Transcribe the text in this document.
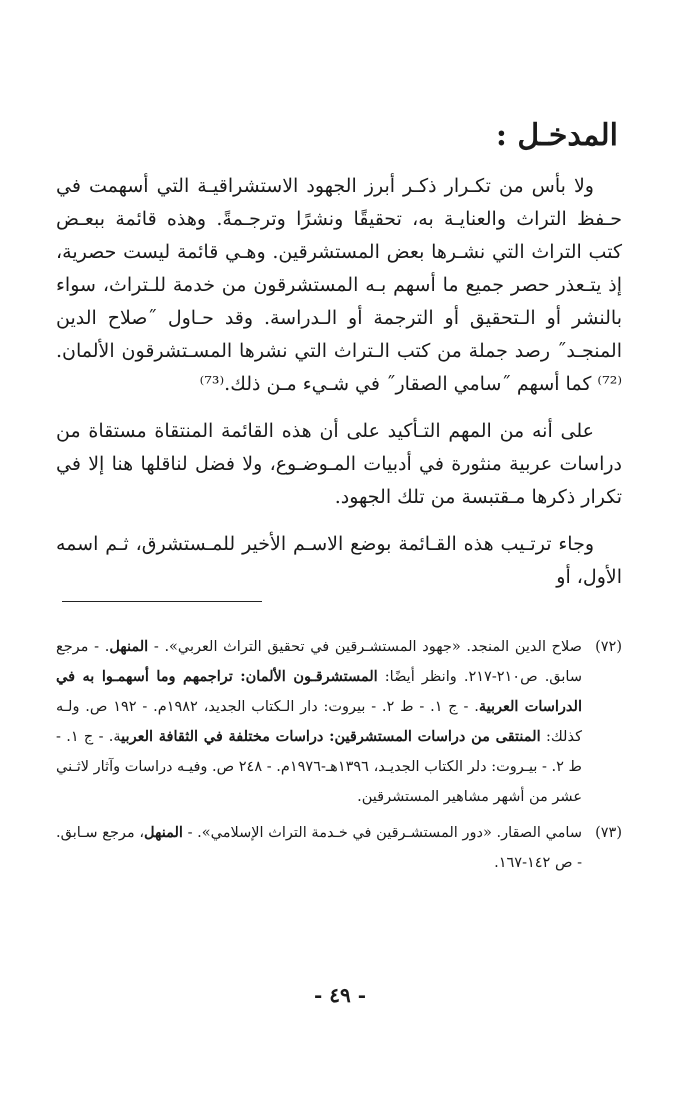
المدخـل :

ولا بأس من تكـرار ذكـر أبرز الجهود الاستشراقيـة التي أسهمت في حـفظ التراث والعنايـة به، تحقيقًا ونشرًا وترجـمةً. وهذه قائمة ببعـض كتب التراث التي نشـرها بعض المستشرقين. وهـي قائمة ليست حصرية، إذ يتـعذر حصر جميع ما أسهم بـه المستشرقون من خدمة للـتراث، سواء بالنشر أو الـتحقيق أو الترجمة أو الـدراسة. وقد حـاول ˝صلاح الدين المنجـد˝ رصد جملة من كتب الـتراث التي نشرها المسـتشرقون الألمان.⁽⁷²⁾ كما أسهم ˝سامي الصقار˝ في شـيء مـن ذلك.⁽⁷³⁾

على أنه من المهم التـأكيد على أن هذه القائمة المنتقاة مستقاة من دراسات عربية منثورة في أدبيات المـوضـوع، ولا فضل لناقلها هنا إلا في تكرار ذكرها مـقتبسة من تلك الجهود.

وجاء ترتـيب هذه القـائمة بوضع الاسـم الأخير للمـستشرق، ثـم اسمه الأول، أو

(٧٢)
صلاح الدين المنجد. «جهود المستشـرقين في تحقيق التراث العربي». - المنهل. - مرجع سابق. ص٢١٠-٢١٧. وانظر أيضًا: المستشرقـون الألمان: تراجمهم وما أسهمـوا به في الدراسات العربية. - ج ١. - ط ٢. - بيروت: دار الـكتاب الجديد، ١٩٨٢م. - ١٩٢ ص. ولـه كذلك: المنتقى من دراسات المستشرقين: دراسات مختلفة في الثقافة العربية. - ج ١. - ط ٢. - بيـروت: دلر الكتاب الجديـد، ١٣٩٦هـ-١٩٧٦م. - ٢٤٨ ص. وفيـه دراسات وآثار لاثـني عشر من أشهر مشاهير المستشرقين.
(٧٣)
سامي الصقار. «دور المستشـرقين في خـدمة التراث الإسلامي». - المنهل، مرجع سـابق. - ص ١٤٢-١٦٧.
- ٤٩ -
